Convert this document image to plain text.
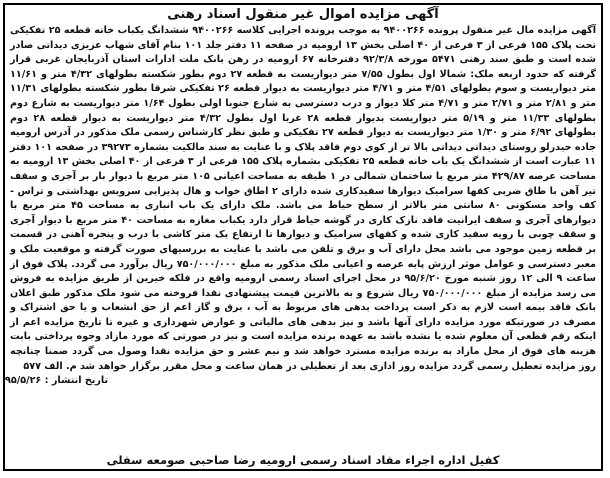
آگهی مزایده اموال غیر منقول اسناد رهنی

آگهی مزایده مال غیر منقول پرونده ۹۴۰۰۲۶۶ به موجب پرونده اجرایی کلاسه ۹۴۰۰۲۶۶ ششدانگ یکباب خانه قطعه ۲۵ تفکیکی تحت پلاک ۱۵۵ فرعی از ۳ فرعی از ۴۰ اصلی بخش ۱۳ ارومیه در صفحه ۱۱ دفتر جلد ۱۰۱ بنام آقای شهاب عزیزی دیداتی صادر شده است و طبق سند رهنی ۵۴۷۱ مورخه ۹۲/۳/۸ دفترخانه ۶۷ ارومیه در رهن بانک ملت ادارات استان آذربایجان غربی قرار گرفته که حدود اربعه ملک: شمالا اول بطول ۷/۵۵ متر دیواریست به قطعه ۲۷ دوم بطور شکسته بطولهای ۴/۳۲ متر و ۱۱/۶۱ متر دیواریست و سوم بطولهای ۴/۵۱ متر و ۴/۷۱ متر دیواریست به دیوار قطعه ۲۶ تفکیکی شرقا بطور شکسته بطولهای ۱۱/۳۱ متر و ۲/۸۱ متر و ۲/۷۱ متر و ۴/۷۱ متر کلا دیوار و درب دسترسی به شارع جنوبا اولی بطول ۱/۶۴ متر دیواریست به شارع دوم بطولهای ۱۱/۳۳ متر و ۵/۱۹ متر دیواریست بدیوار قطعه ۲۸ غربا اول بطول ۴/۳۲ متر دیواریست به دیوار قطعه ۲۸ دوم بطولهای ۶/۹۲ متر و ۱/۳۰ متر دیواریست به دیوار قطعه ۲۷ تفکیکی و طبق نظر کارشناس رسمی ملک مذکور در آدرس ارومیه جاده حیدرلو روستای دیداتی دیداتی بالا تر از کوی دوم فاقد پلاک و با عنایت به سند مالکیت بشماره ۳۹۲۷۳ در صفحه ۱۰۱ دفتر ۱۱ عبارت است از ششدانگ یک باب خانه قطعه ۲۵ تفکیکی بشماره پلاک ۱۵۵ فرعی از ۳ فرعی از ۴۰ اصلی بخش ۱۳ ارومیه به مساحت عرصه ۴۲۹/۸۷ متر مربع با ساختمان شمالی در ۱ طبقه به مساحت اعیانی ۱۰۵ متر مربع با دیوار بار بر آجری و سقف تیر آهن با طاق ضربی کفها سرامیک دیوارها سفیدکاری شده دارای ۲ اطاق خواب و هال پذیرایی سرویس بهداشتی و تراس - کف واحد مسکونی ۸۰ سانتی متر بالاتر از سطح حیاط می باشد. ملک دارای یک باب انباری به مساحت ۴۵ متر مربع با دیوارهای آجری و سقف ایرانیت فاقد نازک کاری در گوشه حیاط قرار دارد یکباب مغازه به مساحت ۴۰ متر مربع با دیوار آجری و سقف چوبی با رویه سفید کاری شده و کفهای سرامیک و دیوارها تا ارتفاع یک متر کاشی با درب و پنجره آهنی در قسمت بر قطعه زمین موجود می باشد محل دارای آب و برق و تلفن می باشد با عنایت به بررسیهای صورت گرفته و موقعیت ملک و معبر دسترسی و عوامل موثر ارزش پایه عرصه و اعیانی ملک مذکور به مبلغ ۷۵۰/۰۰۰/۰۰۰ ریال برآورد می گردد. پلاک فوق از ساعت ۹ الی ۱۲ روز شنبه مورخ ۹۵/۶/۲۰ در محل اجرای اسناد رسمی ارومیه واقع در فلکه خیرین از طریق مزایده به فروش می رسد مزایده از مبلغ ۷۵۰/۰۰۰/۰۰۰ ریال شروع و به بالاترین قیمت پیشنهادی نقدا فروخته می شود ملک مذکور طبق اعلان بانک فاقد بیمه است لازم به ذکر است پرداخت بدهی های مربوط به آب ، برق و گاز اعم از حق انشعاب و یا حق اشتراک و مصرف در صورتیکه مورد مزایده دارای آنها باشد و نیز بدهی های مالیاتی و عوارض شهرداری و غیره تا تاریخ مزایده اعم از اینکه رقم قطعی آن معلوم شده یا نشده باشد به عهده برنده مزایده است و نیز در صورتی که مورد مازاد وجوه پرداختی بابت هزینه های فوق از محل مازاد به برنده مزایده مسترد خواهد شد و نیم عشر و حق مزایده نقدا وصول می گردد ضمنا چنانچه روز مزایده تعطیل رسمی گردد مزایده روز اداری بعد از تعطیلی در همان ساعت و محل مقرر برگزار خواهد شد م. الف ۵۷۷

تاریخ انتشار : ۹۵/۵/۲۶
کفیل اداره اجراء مفاد اسناد رسمی ارومیه رضا صاحبی صومعه سفلی
